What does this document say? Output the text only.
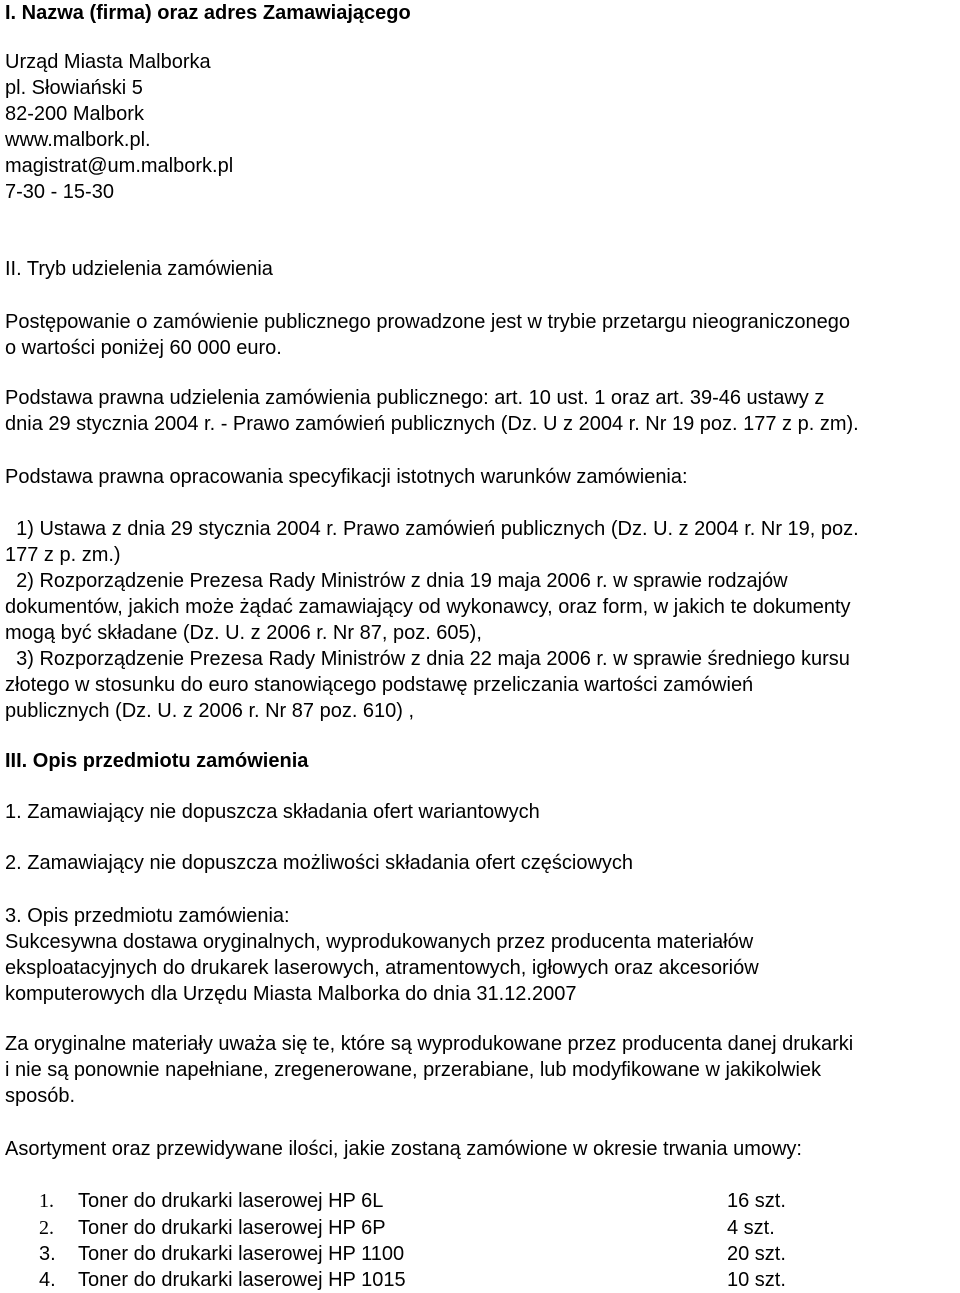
I. Nazwa (firma) oraz adres Zamawiającego
Urząd Miasta Malborka
pl. Słowiański 5
82-200 Malbork
www.malbork.pl.
magistrat@um.malbork.pl
7-30 - 15-30
II. Tryb udzielenia zamówienia
Postępowanie o zamówienie publicznego prowadzone jest w trybie przetargu nieograniczonego
o wartości poniżej 60 000 euro.
Podstawa prawna udzielenia zamówienia publicznego: art. 10 ust. 1 oraz art. 39-46 ustawy z
dnia 29 stycznia 2004 r. - Prawo zamówień publicznych (Dz. U z 2004 r. Nr 19 poz. 177 z p. zm).
Podstawa prawna opracowania specyfikacji istotnych warunków zamówienia:
1) Ustawa z dnia 29 stycznia 2004 r. Prawo zamówień publicznych (Dz. U. z 2004 r. Nr 19, poz.
177 z p. zm.)
2) Rozporządzenie Prezesa Rady Ministrów z dnia 19 maja 2006 r. w sprawie rodzajów
dokumentów, jakich może żądać zamawiający od wykonawcy, oraz form, w jakich te dokumenty
mogą być składane (Dz. U. z 2006 r. Nr 87, poz. 605),
3) Rozporządzenie Prezesa Rady Ministrów z dnia 22 maja 2006 r. w sprawie średniego kursu
złotego w stosunku do euro stanowiącego podstawę przeliczania wartości zamówień
publicznych (Dz. U. z 2006 r. Nr 87 poz. 610) ,
III. Opis przedmiotu zamówienia
1. Zamawiający nie dopuszcza składania ofert wariantowych
2. Zamawiający nie dopuszcza możliwości składania ofert częściowych
3. Opis przedmiotu zamówienia:
Sukcesywna dostawa oryginalnych, wyprodukowanych przez producenta materiałów
eksploatacyjnych do drukarek laserowych, atramentowych, igłowych oraz akcesoriów
komputerowych dla Urzędu Miasta Malborka do dnia 31.12.2007
Za oryginalne materiały uważa się te, które są wyprodukowane przez producenta danej drukarki
i nie są ponownie napełniane, zregenerowane, przerabiane, lub modyfikowane w jakikolwiek
sposób.
Asortyment oraz przewidywane ilości, jakie zostaną zamówione w okresie trwania umowy:
1. Toner do drukarki laserowej HP 6L	16 szt.
2. Toner do drukarki laserowej HP 6P	4 szt.
3. Toner do drukarki laserowej HP 1100	20 szt.
4. Toner do drukarki laserowej HP 1015	10 szt.
